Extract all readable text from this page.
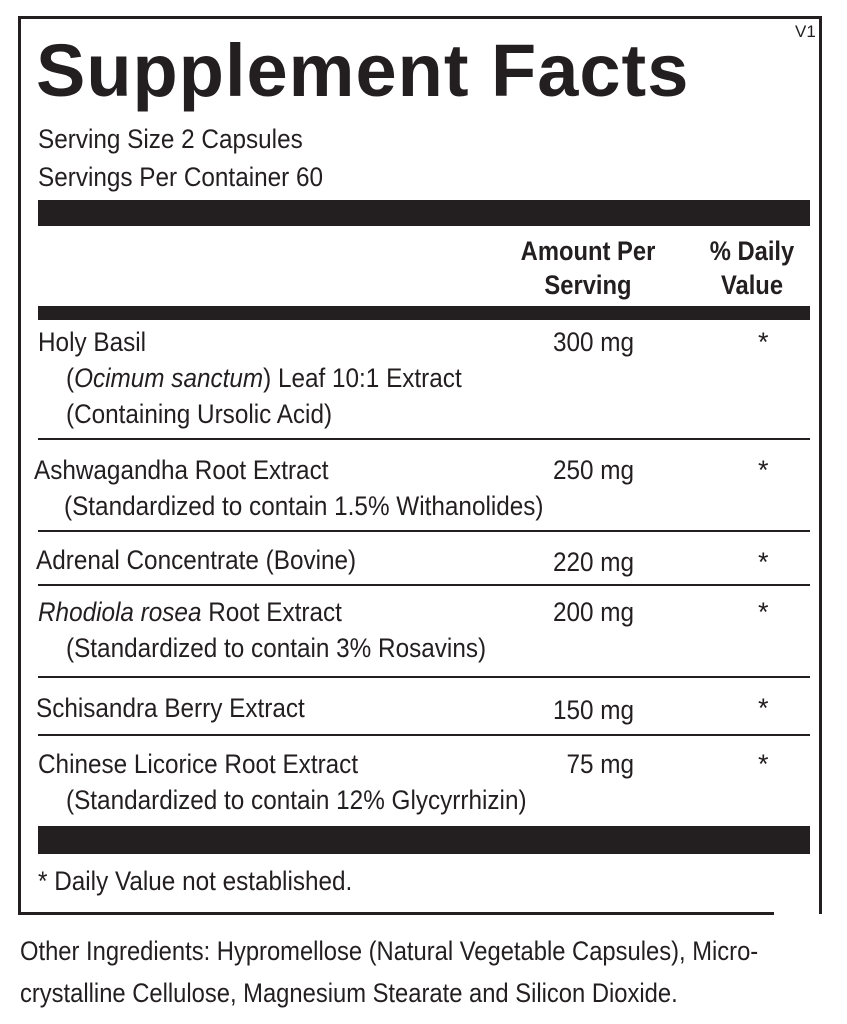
V1
Supplement Facts
Serving Size 2 Capsules
Servings Per Container 60
Amount Per
Serving
% Daily
Value
Holy Basil
(Ocimum sanctum) Leaf 10:1 Extract
(Containing Ursolic Acid)
300 mg	*
Ashwagandha Root Extract
(Standardized to contain 1.5% Withanolides)
250 mg	*
Adrenal Concentrate (Bovine)	220 mg	*
Rhodiola rosea Root Extract
(Standardized to contain 3% Rosavins)
200 mg	*
Schisandra Berry Extract	150 mg	*
Chinese Licorice Root Extract
(Standardized to contain 12% Glycyrrhizin)
75 mg	*
* Daily Value not established.
Other Ingredients: Hypromellose (Natural Vegetable Capsules), Micro-
crystalline Cellulose, Magnesium Stearate and Silicon Dioxide.
